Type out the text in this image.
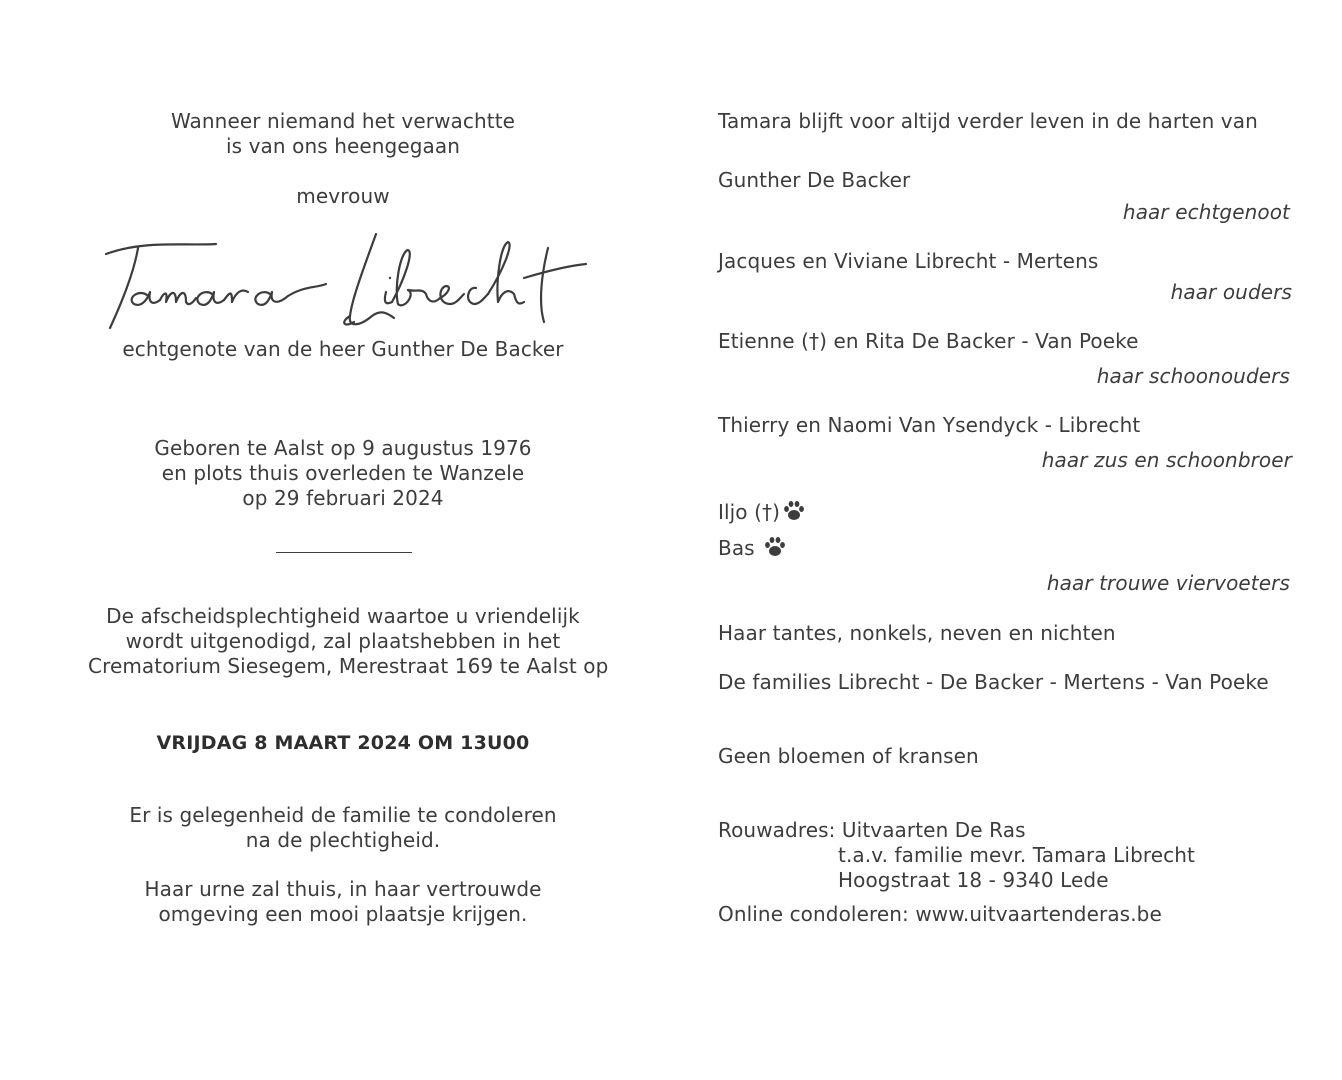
Wanneer niemand het verwachtte
is van ons heengegaan
mevrouw
echtgenote van de heer Gunther De Backer
Geboren te Aalst op 9 augustus 1976
en plots thuis overleden te Wanzele
op 29 februari 2024
De afscheidsplechtigheid waartoe u vriendelijk
wordt uitgenodigd, zal plaatshebben in het
Crematorium Siesegem, Merestraat 169 te Aalst op
VRIJDAG 8 MAART 2024 OM 13U00
Er is gelegenheid de familie te condoleren
na de plechtigheid.
Haar urne zal thuis, in haar vertrouwde
omgeving een mooi plaatsje krijgen.
Tamara blijft voor altijd verder leven in de harten van
Gunther De Backer
haar echtgenoot
Jacques en Viviane Librecht - Mertens
haar ouders
Etienne (†) en Rita De Backer - Van Poeke
haar schoonouders
Thierry en Naomi Van Ysendyck - Librecht
haar zus en schoonbroer
Iljo (†)
Bas
haar trouwe viervoeters
Haar tantes, nonkels, neven en nichten
De families Librecht - De Backer - Mertens - Van Poeke
Geen bloemen of kransen
Rouwadres: Uitvaarten De Ras
t.a.v. familie mevr. Tamara Librecht
Hoogstraat 18 - 9340 Lede
Online condoleren: www.uitvaartenderas.be
